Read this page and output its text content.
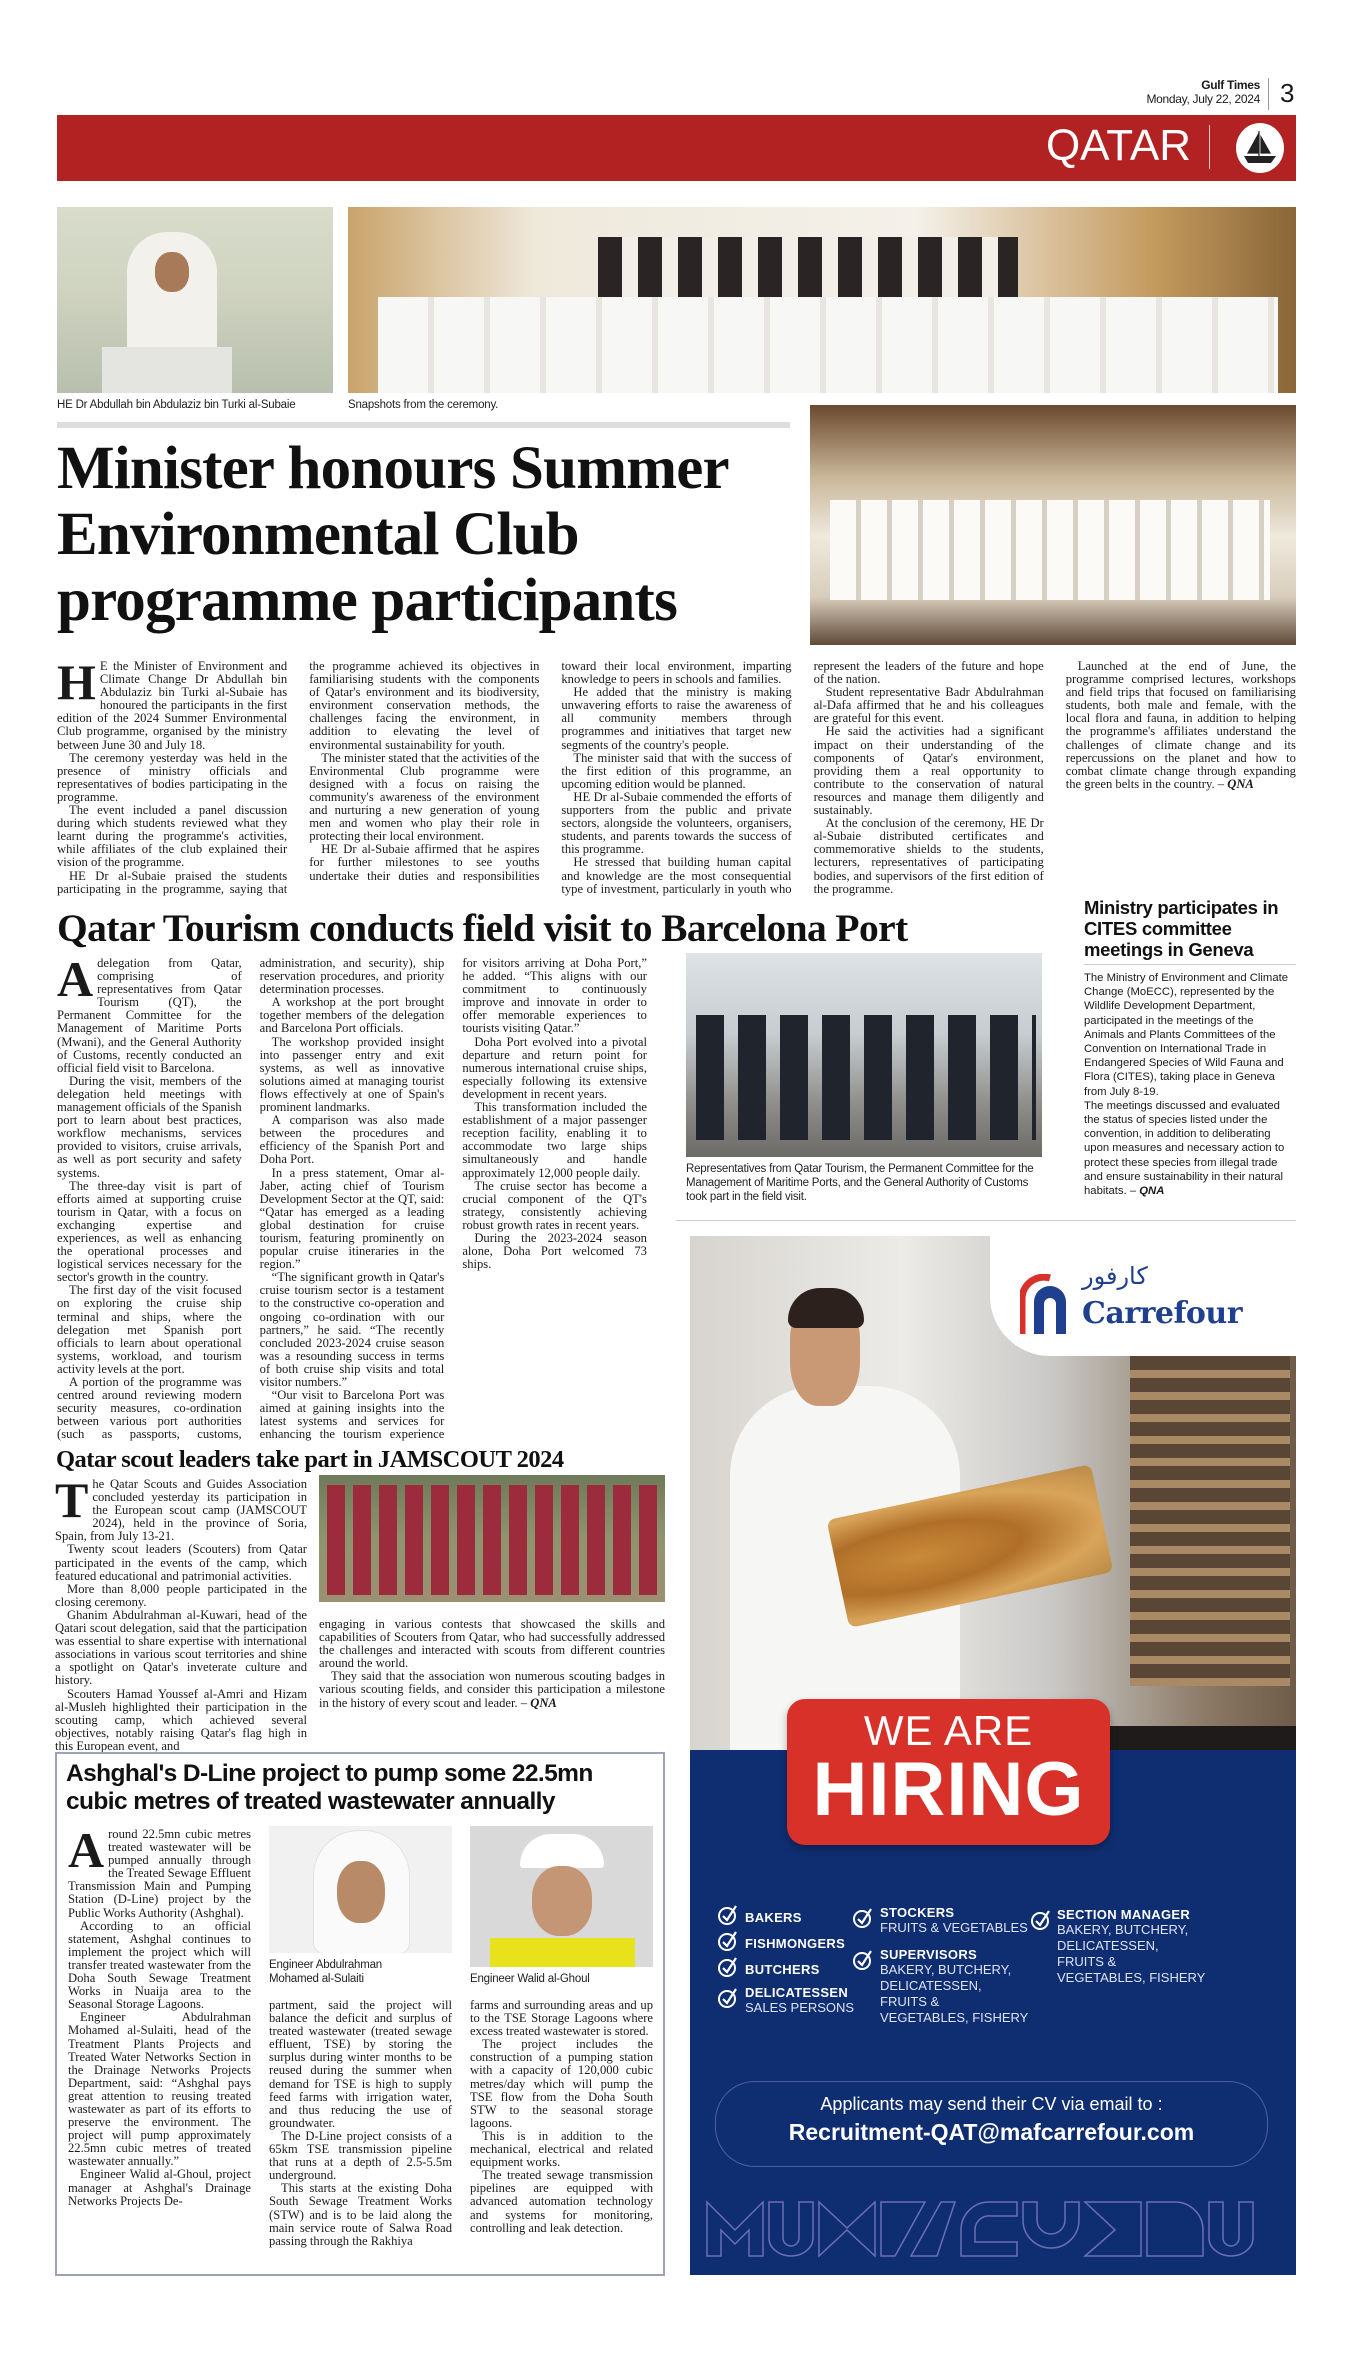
Gulf Times
Monday, July 22, 2024 3
QATAR
HE Dr Abdullah bin Abdulaziz bin Turki al-Subaie	Snapshots from the ceremony.
Minister honours Summer
Environmental Club
programme participants

HE the Minister of Environment and Climate Change Dr Abdullah bin Abdulaziz bin Turki al-Subaie has honoured the participants in the first edition of the 2024 Summer Environmental Club programme, organised by the ministry between June 30 and July 18.

The ceremony yesterday was held in the presence of ministry officials and representatives of bodies participating in the programme.

The event included a panel discussion during which students reviewed what they learnt during the programme's activities, while affiliates of the club explained their vision of the programme.

HE Dr al-Subaie praised the students participating in the programme, saying that the programme achieved its objectives in familiarising students with the components of Qatar's environment and its biodiversity, environment conservation methods, the challenges facing the environment, in addition to elevating the level of environmental sustainability for youth.

The minister stated that the activities of the Environmental Club programme were designed with a focus on raising the community's awareness of the environment and nurturing a new generation of young men and women who play their role in protecting their local environment.

HE Dr al-Subaie affirmed that he aspires for further milestones to see youths undertake their duties and responsibilities toward their local environment, imparting knowledge to peers in schools and families.

He added that the ministry is making unwavering efforts to raise the awareness of all community members through programmes and initiatives that target new segments of the country's people.

The minister said that with the success of the first edition of this programme, an upcoming edition would be planned.

HE Dr al-Subaie commended the efforts of supporters from the public and private sectors, alongside the volunteers, organisers, students, and parents towards the success of this programme.

He stressed that building human capital and knowledge are the most consequential type of investment, particularly in youth who represent the leaders of the future and hope of the nation.

Student representative Badr Abdulrahman al-Dafa affirmed that he and his colleagues are grateful for this event.

He said the activities had a significant impact on their understanding of the components of Qatar's environment, providing them a real opportunity to contribute to the conservation of natural resources and manage them diligently and sustainably.

At the conclusion of the ceremony, HE Dr al-Subaie distributed certificates and commemorative shields to the students, lecturers, representatives of participating bodies, and supervisors of the first edition of the programme.

Launched at the end of June, the programme comprised lectures, workshops and field trips that focused on familiarising students, both male and female, with the local flora and fauna, in addition to helping the programme's affiliates understand the challenges of climate change and its repercussions on the planet and how to combat climate change through expanding the green belts in the country. – QNA

Qatar Tourism conducts field visit to Barcelona Port

Adelegation from Qatar, comprising of representatives from Qatar Tourism (QT), the Permanent Committee for the Management of Maritime Ports (Mwani), and the General Authority of Customs, recently conducted an official field visit to Barcelona.

During the visit, members of the delegation held meetings with management officials of the Spanish port to learn about best practices, workflow mechanisms, services provided to visitors, cruise arrivals, as well as port security and safety systems.

The three-day visit is part of efforts aimed at supporting cruise tourism in Qatar, with a focus on exchanging expertise and experiences, as well as enhancing the operational processes and logistical services necessary for the sector's growth in the country.

The first day of the visit focused on exploring the cruise ship terminal and ships, where the delegation met Spanish port officials to learn about operational systems, workload, and tourism activity levels at the port.

A portion of the programme was centred around reviewing modern security measures, co-ordination between various port authorities (such as passports, customs, administration, and security), ship reservation procedures, and priority determination processes.

A workshop at the port brought together members of the delegation and Barcelona Port officials.

The workshop provided insight into passenger entry and exit systems, as well as innovative solutions aimed at managing tourist flows effectively at one of Spain's prominent landmarks.

A comparison was also made between the procedures and efficiency of the Spanish Port and Doha Port.

In a press statement, Omar al-Jaber, acting chief of Tourism Development Sector at the QT, said: “Qatar has emerged as a leading global destination for cruise tourism, featuring prominently on popular cruise itineraries in the region.”

“The significant growth in Qatar's cruise tourism sector is a testament to the constructive co-operation and ongoing co-ordination with our partners,” he said. “The recently concluded 2023-2024 cruise season was a resounding success in terms of both cruise ship visits and total visitor numbers.”

“Our visit to Barcelona Port was aimed at gaining insights into the latest systems and services for enhancing the tourism experience for visitors arriving at Doha Port,” he added. “This aligns with our commitment to continuously improve and innovate in order to offer memorable experiences to tourists visiting Qatar.”

Doha Port evolved into a pivotal departure and return point for numerous international cruise ships, especially following its extensive development in recent years.

This transformation included the establishment of a major passenger reception facility, enabling it to accommodate two large ships simultaneously and handle approximately 12,000 people daily.

The cruise sector has become a crucial component of the QT's strategy, consistently achieving robust growth rates in recent years.

During the 2023-2024 season alone, Doha Port welcomed 73 ships.

Representatives from Qatar Tourism, the Permanent Committee for the Management of Maritime Ports, and the General Authority of Customs took part in the field visit.
Ministry participates in CITES committee meetings in Geneva

The Ministry of Environment and Climate Change (MoECC), represented by the Wildlife Development Department, participated in the meetings of the Animals and Plants Committees of the Convention on International Trade in Endangered Species of Wild Fauna and Flora (CITES), taking place in Geneva from July 8-19.

The meetings discussed and evaluated the status of species listed under the convention, in addition to deliberating upon measures and necessary action to protect these species from illegal trade and ensure sustainability in their natural habitats. – QNA

Qatar scout leaders take part in JAMSCOUT 2024

The Qatar Scouts and Guides Association concluded yesterday its participation in the European scout camp (JAMSCOUT 2024), held in the province of Soria, Spain, from July 13-21.

Twenty scout leaders (Scouters) from Qatar participated in the events of the camp, which featured educational and patrimonial activities.

More than 8,000 people participated in the closing ceremony.

Ghanim Abdulrahman al-Kuwari, head of the Qatari scout delegation, said that the participation was essential to share expertise with international associations in various scout territories and shine a spotlight on Qatar's inveterate culture and history.

Scouters Hamad Youssef al-Amri and Hizam al-Musleh highlighted their participation in the scouting camp, which achieved several objectives, notably raising Qatar's flag high in this European event, and

engaging in various contests that showcased the skills and capabilities of Scouters from Qatar, who had successfully addressed the challenges and interacted with scouts from different countries around the world.

They said that the association won numerous scouting badges in various scouting fields, and consider this participation a milestone in the history of every scout and leader. – QNA

Ashghal's D-Line project to pump some 22.5mn
cubic metres of treated wastewater annually

Around 22.5mn cubic metres treated wastewater will be pumped annually through the Treated Sewage Effluent Transmission Main and Pumping Station (D-Line) project by the Public Works Authority (Ashghal).

According to an official statement, Ashghal continues to implement the project which will transfer treated wastewater from the Doha South Sewage Treatment Works in Nuaija area to the Seasonal Storage Lagoons.

Engineer Abdulrahman Mohamed al-Sulaiti, head of the Treatment Plants Projects and Treated Water Networks Section in the Drainage Networks Projects Department, said: “Ashghal pays great attention to reusing treated wastewater as part of its efforts to preserve the environment. The project will pump approximately 22.5mn cubic metres of treated wastewater annually.”

Engineer Walid al-Ghoul, project manager at Ashghal's Drainage Networks Projects De-

Engineer Abdulrahman
Mohamed al-Sulaiti

partment, said the project will balance the deficit and surplus of treated wastewater (treated sewage effluent, TSE) by storing the surplus during winter months to be reused during the summer when demand for TSE is high to supply feed farms with irrigation water, and thus reducing the use of groundwater.

The D-Line project consists of a 65km TSE transmission pipeline that runs at a depth of 2.5-5.5m underground.

This starts at the existing Doha South Sewage Treatment Works (STW) and is to be laid along the main service route of Salwa Road passing through the Rakhiya

Engineer Walid al-Ghoul

farms and surrounding areas and up to the TSE Storage Lagoons where excess treated wastewater is stored.

The project includes the construction of a pumping station with a capacity of 120,000 cubic metres/day which will pump the TSE flow from the Doha South STW to the seasonal storage lagoons.

This is in addition to the mechanical, electrical and related equipment works.

The treated sewage transmission pipelines are equipped with advanced automation technology and systems for monitoring, controlling and leak detection.

كارفور
Carrefour
WE ARE
HIRING
BAKERS
FISHMONGERS
BUTCHERS
DELICATESSEN
SALES PERSONS
STOCKERS
FRUITS & VEGETABLES
SUPERVISORS
BAKERY, BUTCHERY, DELICATESSEN, FRUITS & VEGETABLES, FISHERY
SECTION MANAGER
BAKERY, BUTCHERY, DELICATESSEN, FRUITS & VEGETABLES, FISHERY
Applicants may send their CV via email to :
Recruitment-QAT@mafcarrefour.com
